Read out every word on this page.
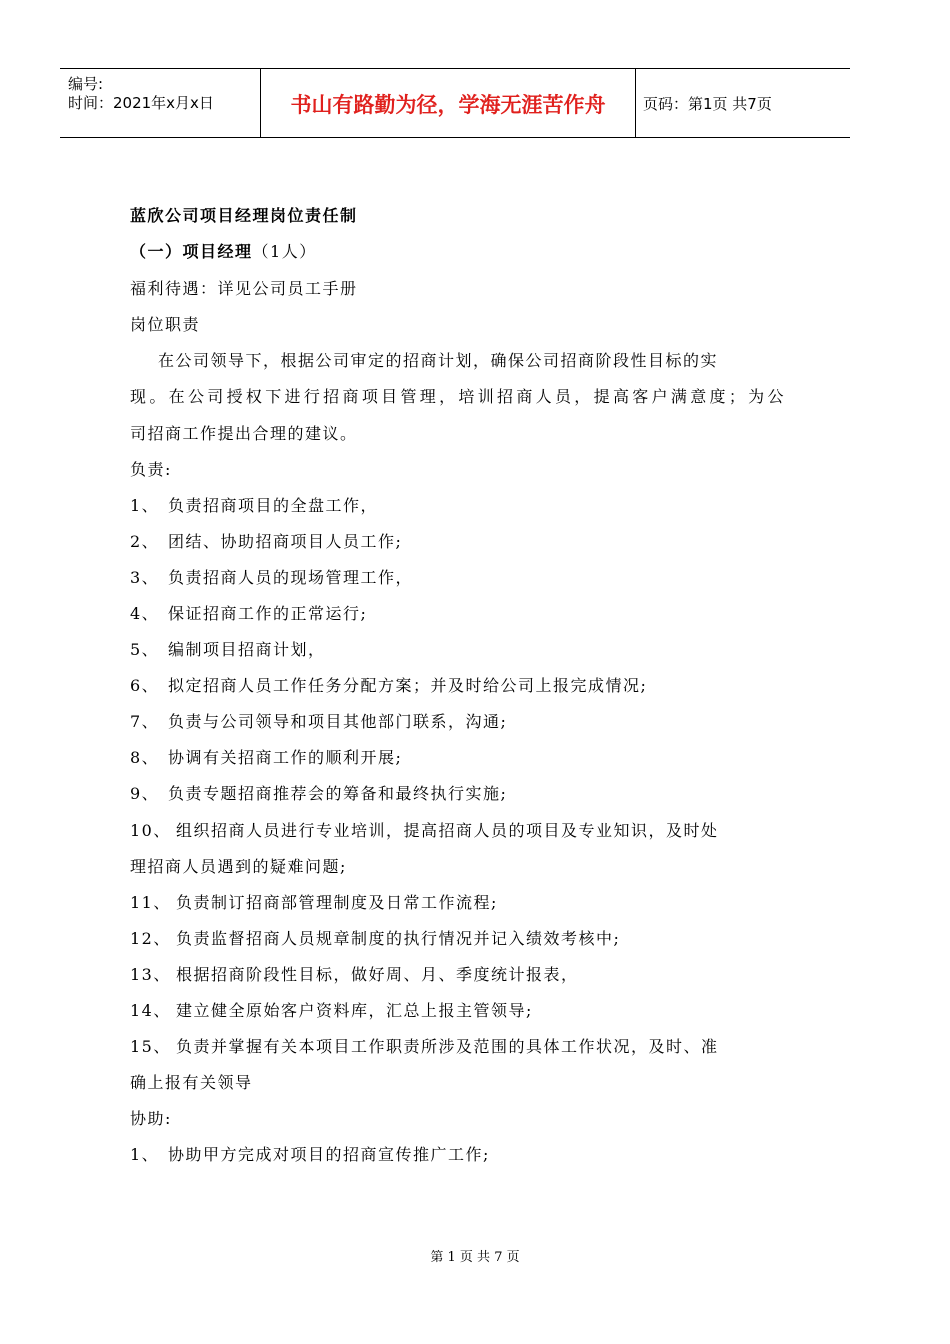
编号:
时间：2021年x月x日	书山有路勤为径，学海无涯苦作舟	页码：第1页 共7页
蓝欣公司项目经理岗位责任制
（一）项目经理（1人）
福利待遇：详见公司员工手册
岗位职责
在公司领导下，根据公司审定的招商计划，确保公司招商阶段性目标的实
现。在公司授权下进行招商项目管理，培训招商人员，提高客户满意度；为公
司招商工作提出合理的建议。
负责:
1、 负责招商项目的全盘工作，
2、 团结、协助招商项目人员工作;
3、 负责招商人员的现场管理工作，
4、 保证招商工作的正常运行;
5、 编制项目招商计划，
6、 拟定招商人员工作任务分配方案；并及时给公司上报完成情况;
7、 负责与公司领导和项目其他部门联系，沟通;
8、 协调有关招商工作的顺利开展;
9、 负责专题招商推荐会的筹备和最终执行实施;
10、 组织招商人员进行专业培训，提高招商人员的项目及专业知识，及时处
理招商人员遇到的疑难问题;
11、 负责制订招商部管理制度及日常工作流程;
12、 负责监督招商人员规章制度的执行情况并记入绩效考核中;
13、 根据招商阶段性目标，做好周、月、季度统计报表，
14、 建立健全原始客户资料库，汇总上报主管领导;
15、 负责并掌握有关本项目工作职责所涉及范围的具体工作状况，及时、准
确上报有关领导
协助:
1、 协助甲方完成对项目的招商宣传推广工作;
第 1 页 共 7 页
